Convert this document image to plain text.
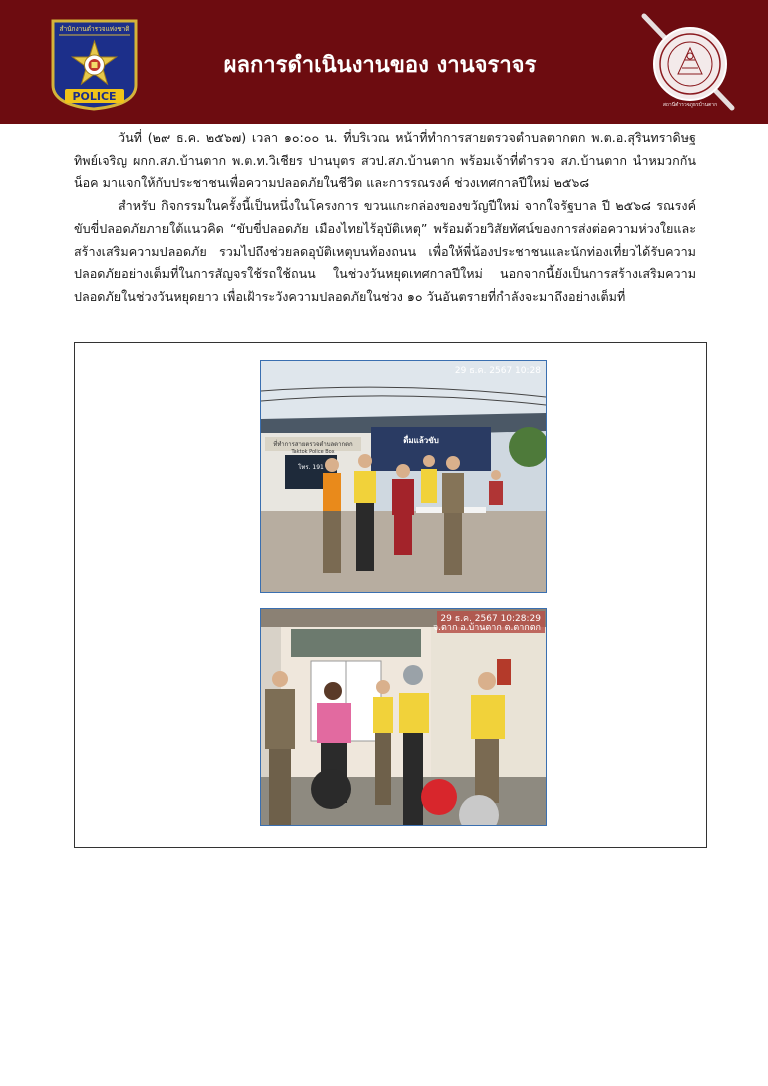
สำนักงานตำรวจแห่งชาติ
POLICE
ผลการดำเนินงานของ งานจราจร
สถานีตำรวจภูธรบ้านตาก

วันที่ (๒๙ ธ.ค. ๒๕๖๗) เวลา ๑๐:๐๐ น. ที่บริเวณ หน้าที่ทำการสายตรวจตำบลตากตก พ.ต.อ.สุรินทราดิษฐ ทิพย์เจริญ ผกก.สภ.บ้านตาก พ.ต.ท.วิเชียร ปานบุตร สวป.สภ.บ้านตาก พร้อมเจ้าที่ตำรวจ สภ.บ้านตาก นำหมวกกันน็อค มาแจกให้กับประชาชนเพื่อความปลอดภัยในชีวิต และการรณรงค์ ช่วงเทศกาลปีใหม่ ๒๕๖๘

สำหรับ กิจกรรมในครั้งนี้เป็นหนึ่งในโครงการ ขวนแกะกล่องของขวัญปีใหม่ จากใจรัฐบาล ปี ๒๕๖๘ รณรงค์ขับขี่ปลอดภัยภายใต้แนวคิด “ขับขี่ปลอดภัย เมืองไทยไร้อุบัติเหตุ” พร้อมด้วยวิสัยทัศน์ของการส่งต่อความห่วงใยและสร้างเสริมความปลอดภัย รวมไปถึงช่วยลดอุบัติเหตุบนท้องถนน เพื่อให้พี่น้องประชาชนและนักท่องเที่ยวได้รับความปลอดภัยอย่างเต็มที่ในการสัญจรใช้รถใช้ถนน ในช่วงวันหยุดเทศกาลปีใหม่ นอกจากนี้ยังเป็นการสร้างเสริมความปลอดภัยในช่วงวันหยุดยาว เพื่อเฝ้าระวังความปลอดภัยในช่วง ๑๐ วันอันตรายที่กำลังจะมาถึงอย่างเต็มที่

ที่ทำการสายตรวจตำบลตากตก
Taktok Police Box
โทร. 191
ดื่มแล้วขับ
29 ธ.ค. 2567 10:28
29 ธ.ค. 2567 10:28:29
จ.ตาก อ.บ้านตาก ต.ตากตก
